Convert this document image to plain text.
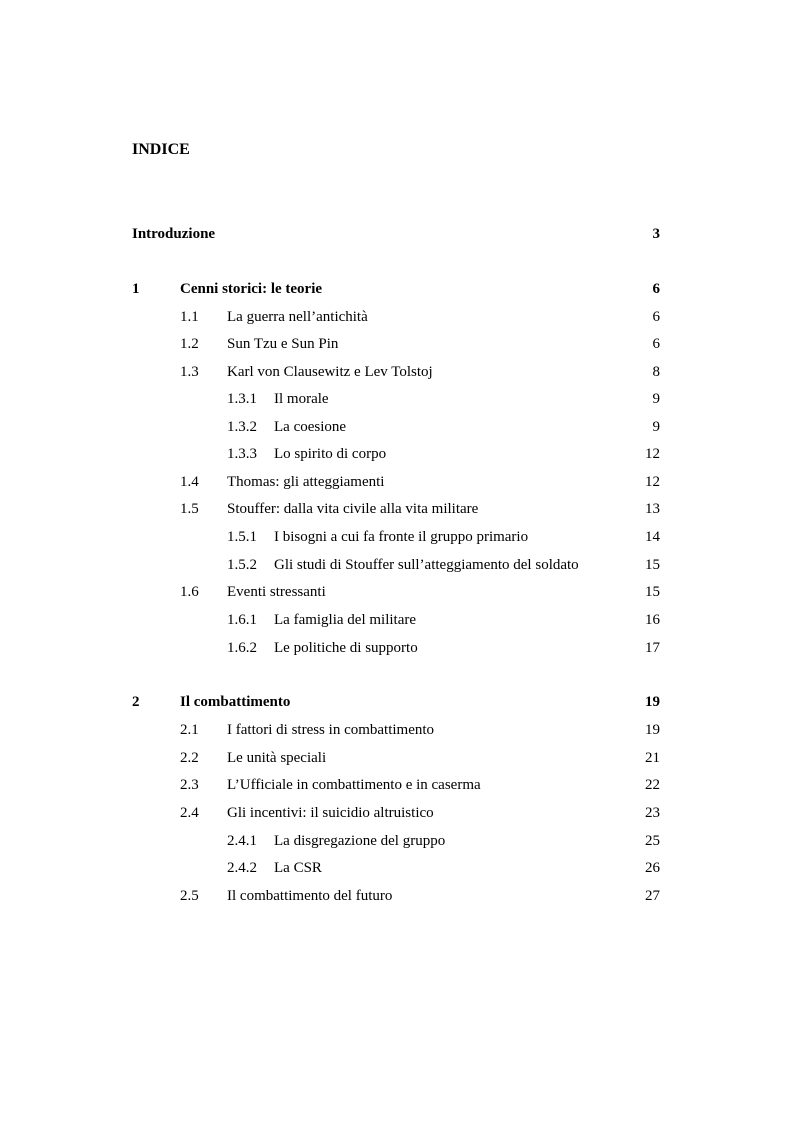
INDICE
Introduzione	3
1	Cenni storici: le teorie	6
1.1 La guerra nell’antichità	6
1.2 Sun Tzu e Sun Pin	6
1.3 Karl von Clausewitz e Lev Tolstoj	8
1.3.1 Il morale	9
1.3.2 La coesione	9
1.3.3 Lo spirito di corpo	12
1.4 Thomas: gli atteggiamenti	12
1.5 Stouffer: dalla vita civile alla vita militare	13
1.5.1 I bisogni a cui fa fronte il gruppo primario	14
1.5.2 Gli studi di Stouffer sull’atteggiamento del soldato	15
1.6 Eventi stressanti	15
1.6.1 La famiglia del militare	16
1.6.2 Le politiche di supporto	17
2	Il combattimento	19
2.1 I fattori di stress in combattimento	19
2.2 Le unità speciali	21
2.3 L’Ufficiale in combattimento e in caserma	22
2.4 Gli incentivi: il suicidio altruistico	23
2.4.1 La disgregazione del gruppo	25
2.4.2 La CSR	26
2.5 Il combattimento del futuro	27
